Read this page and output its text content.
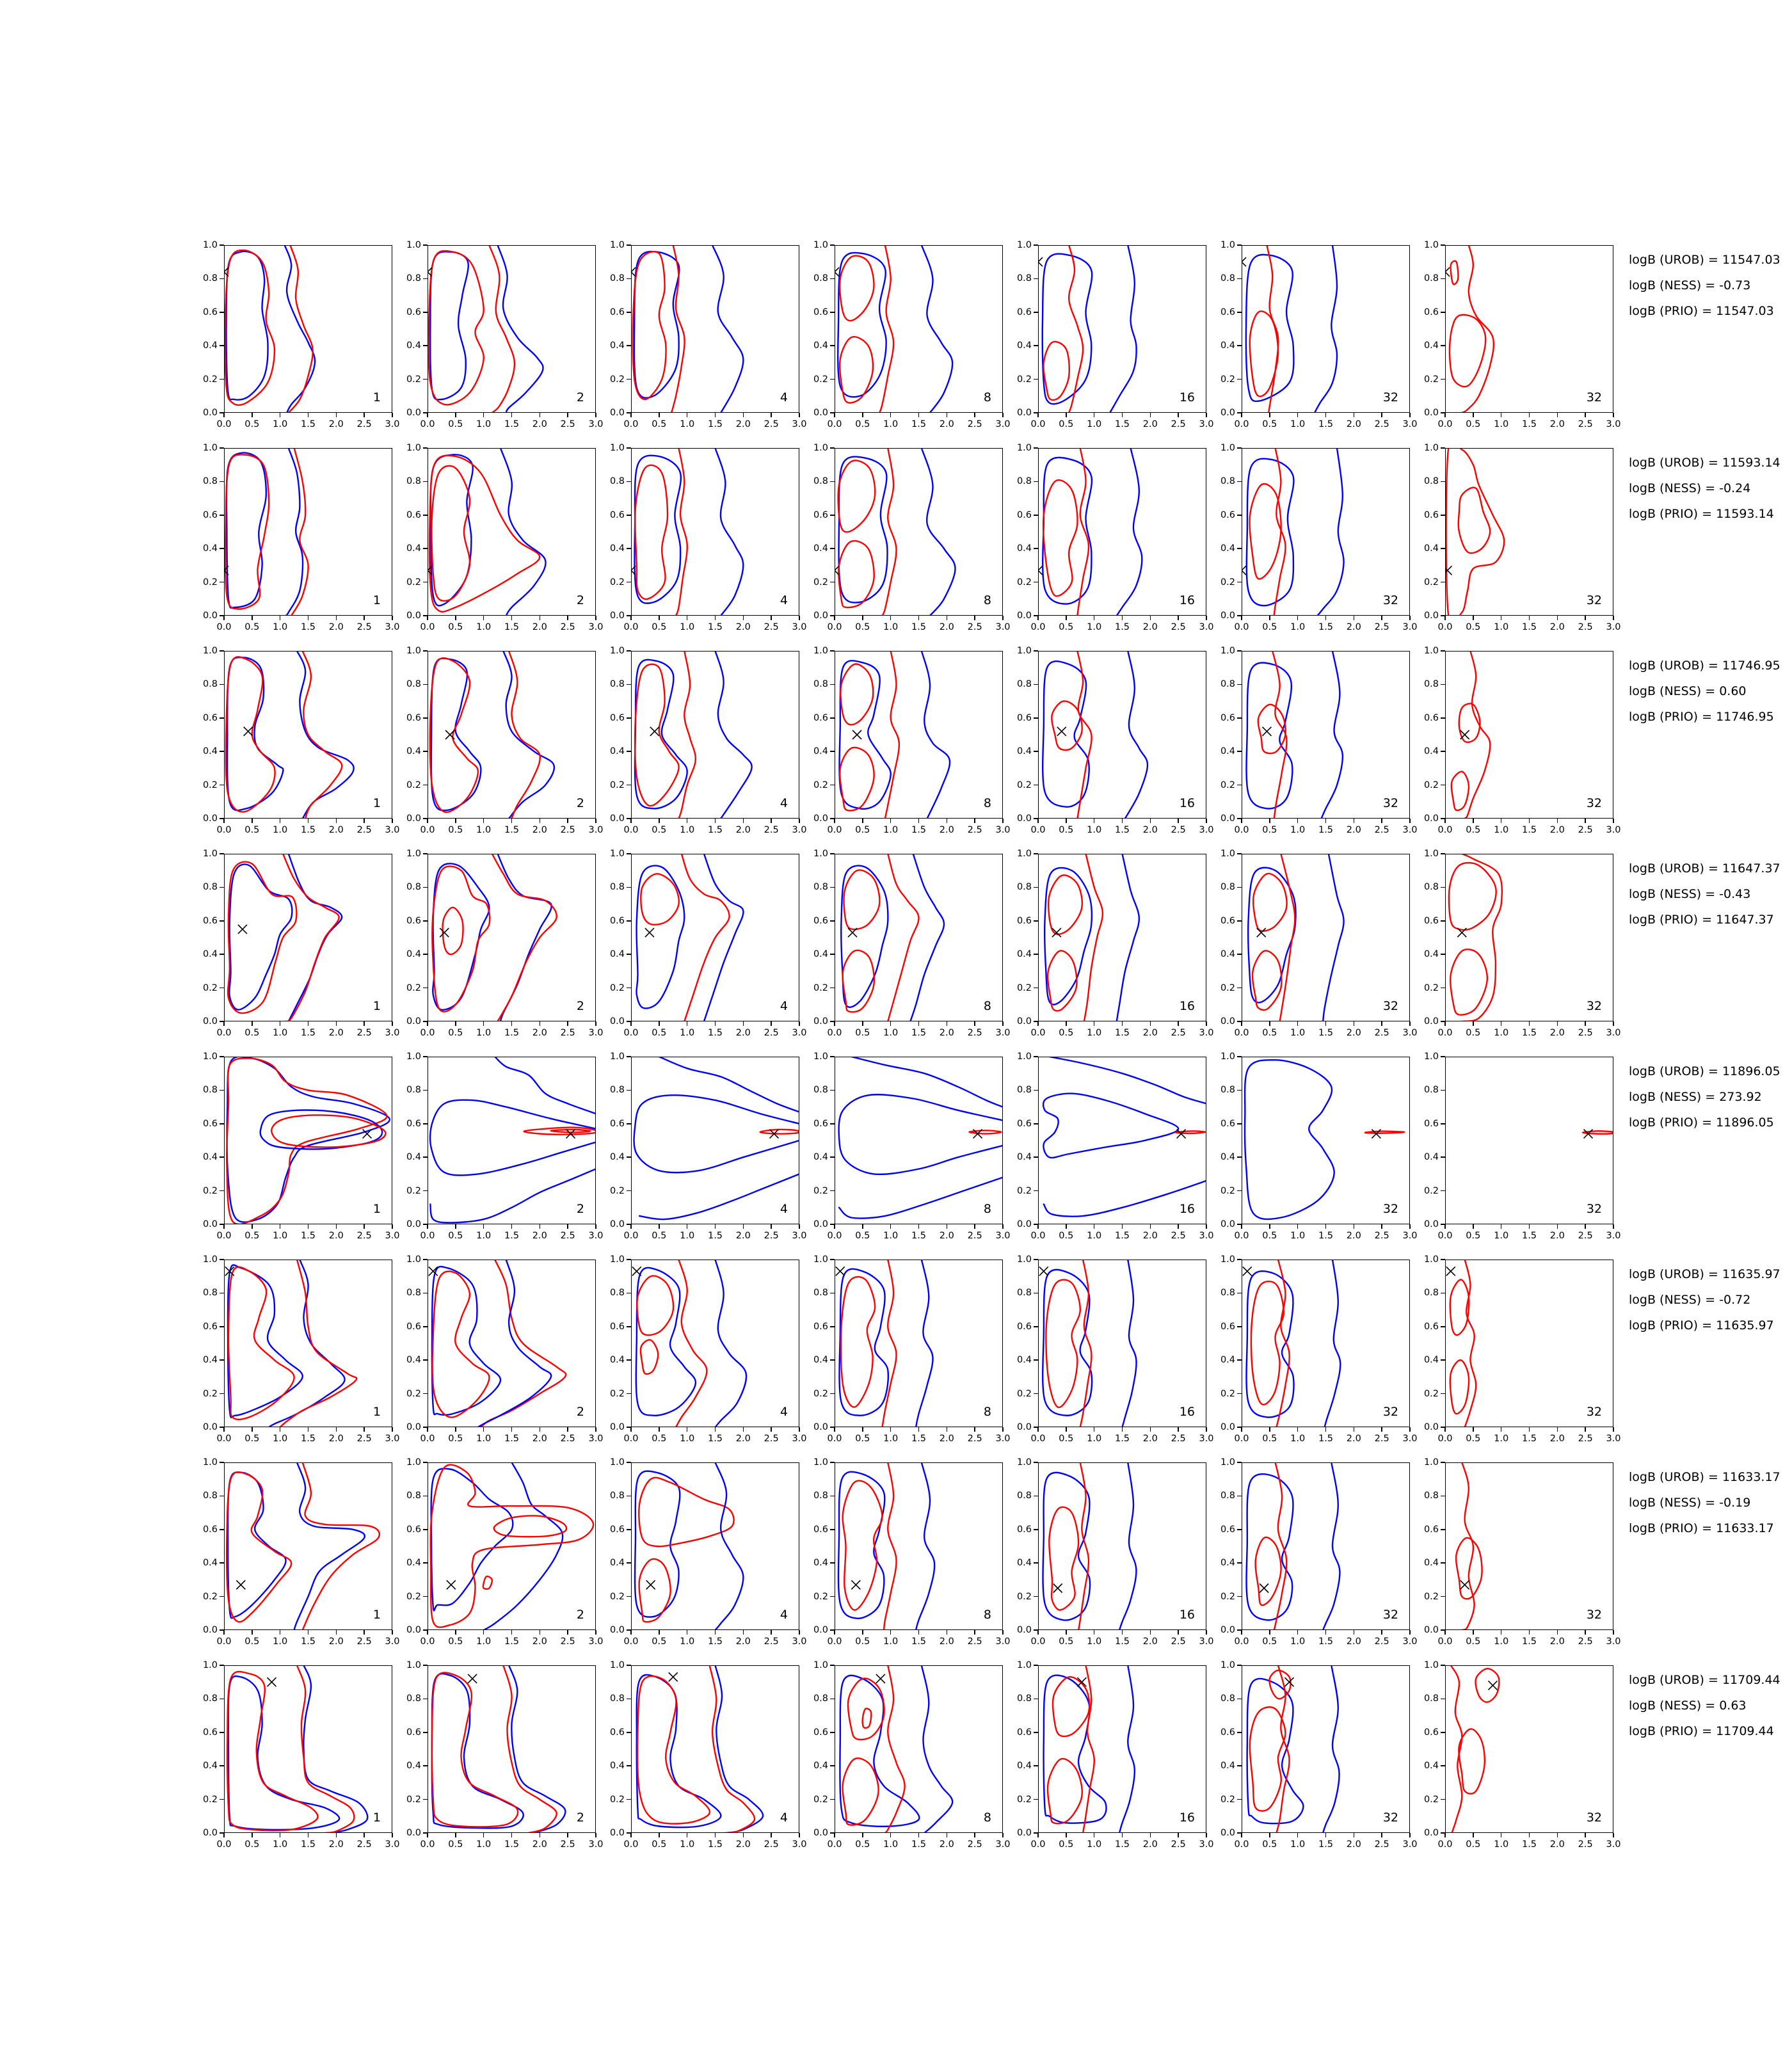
1
0.0	0.5	1.0	1.5	2.0	2.5	3.0
0.0
0.2
0.4
0.6
0.8
1.0
2
0.0	0.5	1.0	1.5	2.0	2.5	3.0
0.0
0.2
0.4
0.6
0.8
1.0
4
0.0	0.5	1.0	1.5	2.0	2.5	3.0
0.0
0.2
0.4
0.6
0.8
1.0
8
0.0	0.5	1.0	1.5	2.0	2.5	3.0
0.0
0.2
0.4
0.6
0.8
1.0
16
0.0	0.5	1.0	1.5	2.0	2.5	3.0
0.0
0.2
0.4
0.6
0.8
1.0
32
0.0	0.5	1.0	1.5	2.0	2.5	3.0
0.0
0.2
0.4
0.6
0.8
1.0
32
0.0	0.5	1.0	1.5	2.0	2.5	3.0
0.0
0.2
0.4
0.6
0.8
1.0
logB (UROB) = 11547.03
logB (NESS) = -0.73
logB (PRIO) = 11547.03
1
0.0	0.5	1.0	1.5	2.0	2.5	3.0
0.0
0.2
0.4
0.6
0.8
1.0
2
0.0	0.5	1.0	1.5	2.0	2.5	3.0
0.0
0.2
0.4
0.6
0.8
1.0
4
0.0	0.5	1.0	1.5	2.0	2.5	3.0
0.0
0.2
0.4
0.6
0.8
1.0
8
0.0	0.5	1.0	1.5	2.0	2.5	3.0
0.0
0.2
0.4
0.6
0.8
1.0
16
0.0	0.5	1.0	1.5	2.0	2.5	3.0
0.0
0.2
0.4
0.6
0.8
1.0
32
0.0	0.5	1.0	1.5	2.0	2.5	3.0
0.0
0.2
0.4
0.6
0.8
1.0
32
0.0	0.5	1.0	1.5	2.0	2.5	3.0
0.0
0.2
0.4
0.6
0.8
1.0
logB (UROB) = 11593.14
logB (NESS) = -0.24
logB (PRIO) = 11593.14
1
0.0	0.5	1.0	1.5	2.0	2.5	3.0
0.0
0.2
0.4
0.6
0.8
1.0
2
0.0	0.5	1.0	1.5	2.0	2.5	3.0
0.0
0.2
0.4
0.6
0.8
1.0
4
0.0	0.5	1.0	1.5	2.0	2.5	3.0
0.0
0.2
0.4
0.6
0.8
1.0
8
0.0	0.5	1.0	1.5	2.0	2.5	3.0
0.0
0.2
0.4
0.6
0.8
1.0
16
0.0	0.5	1.0	1.5	2.0	2.5	3.0
0.0
0.2
0.4
0.6
0.8
1.0
32
0.0	0.5	1.0	1.5	2.0	2.5	3.0
0.0
0.2
0.4
0.6
0.8
1.0
32
0.0	0.5	1.0	1.5	2.0	2.5	3.0
0.0
0.2
0.4
0.6
0.8
1.0
logB (UROB) = 11746.95
logB (NESS) = 0.60
logB (PRIO) = 11746.95
1
0.0	0.5	1.0	1.5	2.0	2.5	3.0
0.0
0.2
0.4
0.6
0.8
1.0
2
0.0	0.5	1.0	1.5	2.0	2.5	3.0
0.0
0.2
0.4
0.6
0.8
1.0
4
0.0	0.5	1.0	1.5	2.0	2.5	3.0
0.0
0.2
0.4
0.6
0.8
1.0
8
0.0	0.5	1.0	1.5	2.0	2.5	3.0
0.0
0.2
0.4
0.6
0.8
1.0
16
0.0	0.5	1.0	1.5	2.0	2.5	3.0
0.0
0.2
0.4
0.6
0.8
1.0
32
0.0	0.5	1.0	1.5	2.0	2.5	3.0
0.0
0.2
0.4
0.6
0.8
1.0
32
0.0	0.5	1.0	1.5	2.0	2.5	3.0
0.0
0.2
0.4
0.6
0.8
1.0
logB (UROB) = 11647.37
logB (NESS) = -0.43
logB (PRIO) = 11647.37
1
0.0	0.5	1.0	1.5	2.0	2.5	3.0
0.0
0.2
0.4
0.6
0.8
1.0
2
0.0	0.5	1.0	1.5	2.0	2.5	3.0
0.0
0.2
0.4
0.6
0.8
1.0
4
0.0	0.5	1.0	1.5	2.0	2.5	3.0
0.0
0.2
0.4
0.6
0.8
1.0
8
0.0	0.5	1.0	1.5	2.0	2.5	3.0
0.0
0.2
0.4
0.6
0.8
1.0
16
0.0	0.5	1.0	1.5	2.0	2.5	3.0
0.0
0.2
0.4
0.6
0.8
1.0
32
0.0	0.5	1.0	1.5	2.0	2.5	3.0
0.0
0.2
0.4
0.6
0.8
1.0
32
0.0	0.5	1.0	1.5	2.0	2.5	3.0
0.0
0.2
0.4
0.6
0.8
1.0
logB (UROB) = 11896.05
logB (NESS) = 273.92
logB (PRIO) = 11896.05
1
0.0	0.5	1.0	1.5	2.0	2.5	3.0
0.0
0.2
0.4
0.6
0.8
1.0
2
0.0	0.5	1.0	1.5	2.0	2.5	3.0
0.0
0.2
0.4
0.6
0.8
1.0
4
0.0	0.5	1.0	1.5	2.0	2.5	3.0
0.0
0.2
0.4
0.6
0.8
1.0
8
0.0	0.5	1.0	1.5	2.0	2.5	3.0
0.0
0.2
0.4
0.6
0.8
1.0
16
0.0	0.5	1.0	1.5	2.0	2.5	3.0
0.0
0.2
0.4
0.6
0.8
1.0
32
0.0	0.5	1.0	1.5	2.0	2.5	3.0
0.0
0.2
0.4
0.6
0.8
1.0
32
0.0	0.5	1.0	1.5	2.0	2.5	3.0
0.0
0.2
0.4
0.6
0.8
1.0
logB (UROB) = 11635.97
logB (NESS) = -0.72
logB (PRIO) = 11635.97
1
0.0	0.5	1.0	1.5	2.0	2.5	3.0
0.0
0.2
0.4
0.6
0.8
1.0
2
0.0	0.5	1.0	1.5	2.0	2.5	3.0
0.0
0.2
0.4
0.6
0.8
1.0
4
0.0	0.5	1.0	1.5	2.0	2.5	3.0
0.0
0.2
0.4
0.6
0.8
1.0
8
0.0	0.5	1.0	1.5	2.0	2.5	3.0
0.0
0.2
0.4
0.6
0.8
1.0
16
0.0	0.5	1.0	1.5	2.0	2.5	3.0
0.0
0.2
0.4
0.6
0.8
1.0
32
0.0	0.5	1.0	1.5	2.0	2.5	3.0
0.0
0.2
0.4
0.6
0.8
1.0
32
0.0	0.5	1.0	1.5	2.0	2.5	3.0
0.0
0.2
0.4
0.6
0.8
1.0
logB (UROB) = 11633.17
logB (NESS) = -0.19
logB (PRIO) = 11633.17
1
0.0	0.5	1.0	1.5	2.0	2.5	3.0
0.0
0.2
0.4
0.6
0.8
1.0
2
0.0	0.5	1.0	1.5	2.0	2.5	3.0
0.0
0.2
0.4
0.6
0.8
1.0
4
0.0	0.5	1.0	1.5	2.0	2.5	3.0
0.0
0.2
0.4
0.6
0.8
1.0
8
0.0	0.5	1.0	1.5	2.0	2.5	3.0
0.0
0.2
0.4
0.6
0.8
1.0
16
0.0	0.5	1.0	1.5	2.0	2.5	3.0
0.0
0.2
0.4
0.6
0.8
1.0
32
0.0	0.5	1.0	1.5	2.0	2.5	3.0
0.0
0.2
0.4
0.6
0.8
1.0
32
0.0	0.5	1.0	1.5	2.0	2.5	3.0
0.0
0.2
0.4
0.6
0.8
1.0
logB (UROB) = 11709.44
logB (NESS) = 0.63
logB (PRIO) = 11709.44
